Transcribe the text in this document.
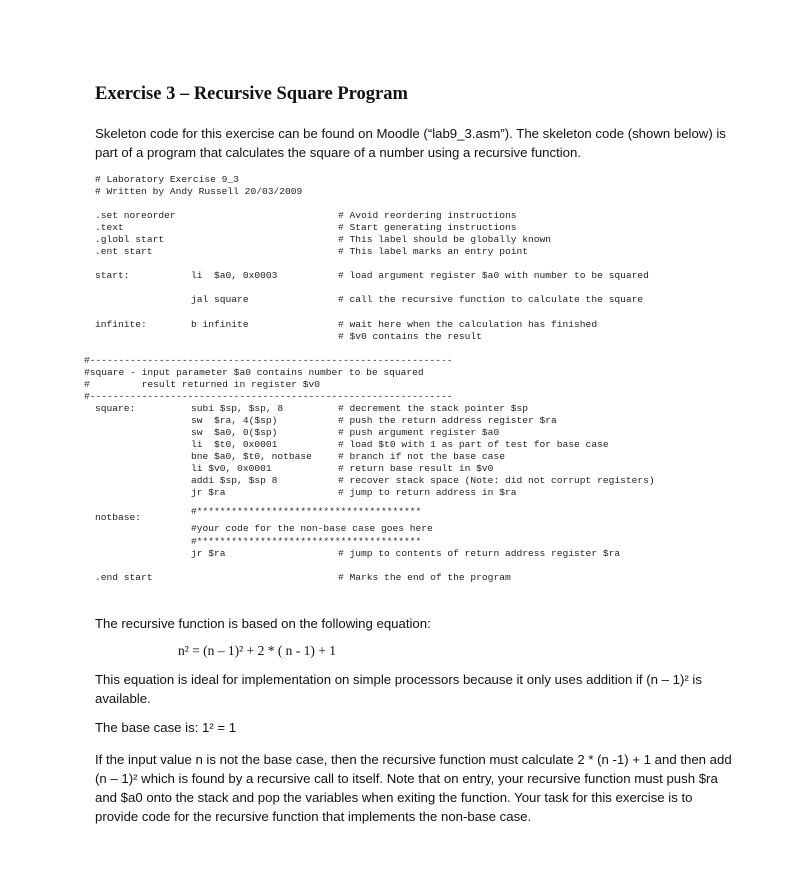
Exercise 3 – Recursive Square Program
Skeleton code for this exercise can be found on Moodle (“lab9_3.asm”). The skeleton code (shown below) is part of a program that calculates the square of a number using a recursive function.
# Laboratory Exercise 9_3
# Written by Andy Russell 20/03/2009
.set noreorder	# Avoid reordering instructions
.text	# Start generating instructions
.globl start	# This label should be globally known
.ent start	# This label marks an entry point
start:	li  $a0, 0x0003	# load argument register $a0 with number to be squared
jal square	# call the recursive function to calculate the square
infinite:	b infinite	# wait here when the calculation has finished
# $v0 contains the result
#---------------------------------------------------------------
#square - input parameter $a0 contains number to be squared
#         result returned in register $v0
#---------------------------------------------------------------
square:	subi $sp, $sp, 8	# decrement the stack pointer $sp
sw  $ra, 4($sp)	# push the return address register $ra
sw  $a0, 0($sp)	# push argument register $a0
li  $t0, 0x0001	# load $t0 with 1 as part of test for base case
bne $a0, $t0, notbase	# branch if not the base case
li $v0, 0x0001	# return base result in $v0
addi $sp, $sp 8	# recover stack space (Note: did not corrupt registers)
jr $ra	# jump to return address in $ra
notbase:
#***************************************
#your code for the non-base case goes here
#***************************************
jr $ra	# jump to contents of return address register $ra
.end start	# Marks the end of the program
The recursive function is based on the following equation:
n² = (n – 1)² + 2 * ( n - 1) + 1
This equation is ideal for implementation on simple processors because it only uses addition if (n – 1)² is available.
The base case is: 1² = 1
If the input value n is not the base case, then the recursive function must calculate 2 * (n -1) + 1 and then add (n – 1)² which is found by a recursive call to itself. Note that on entry, your recursive function must push $ra and $a0 onto the stack and pop the variables when exiting the function. Your task for this exercise is to provide code for the recursive function that implements the non-base case.
